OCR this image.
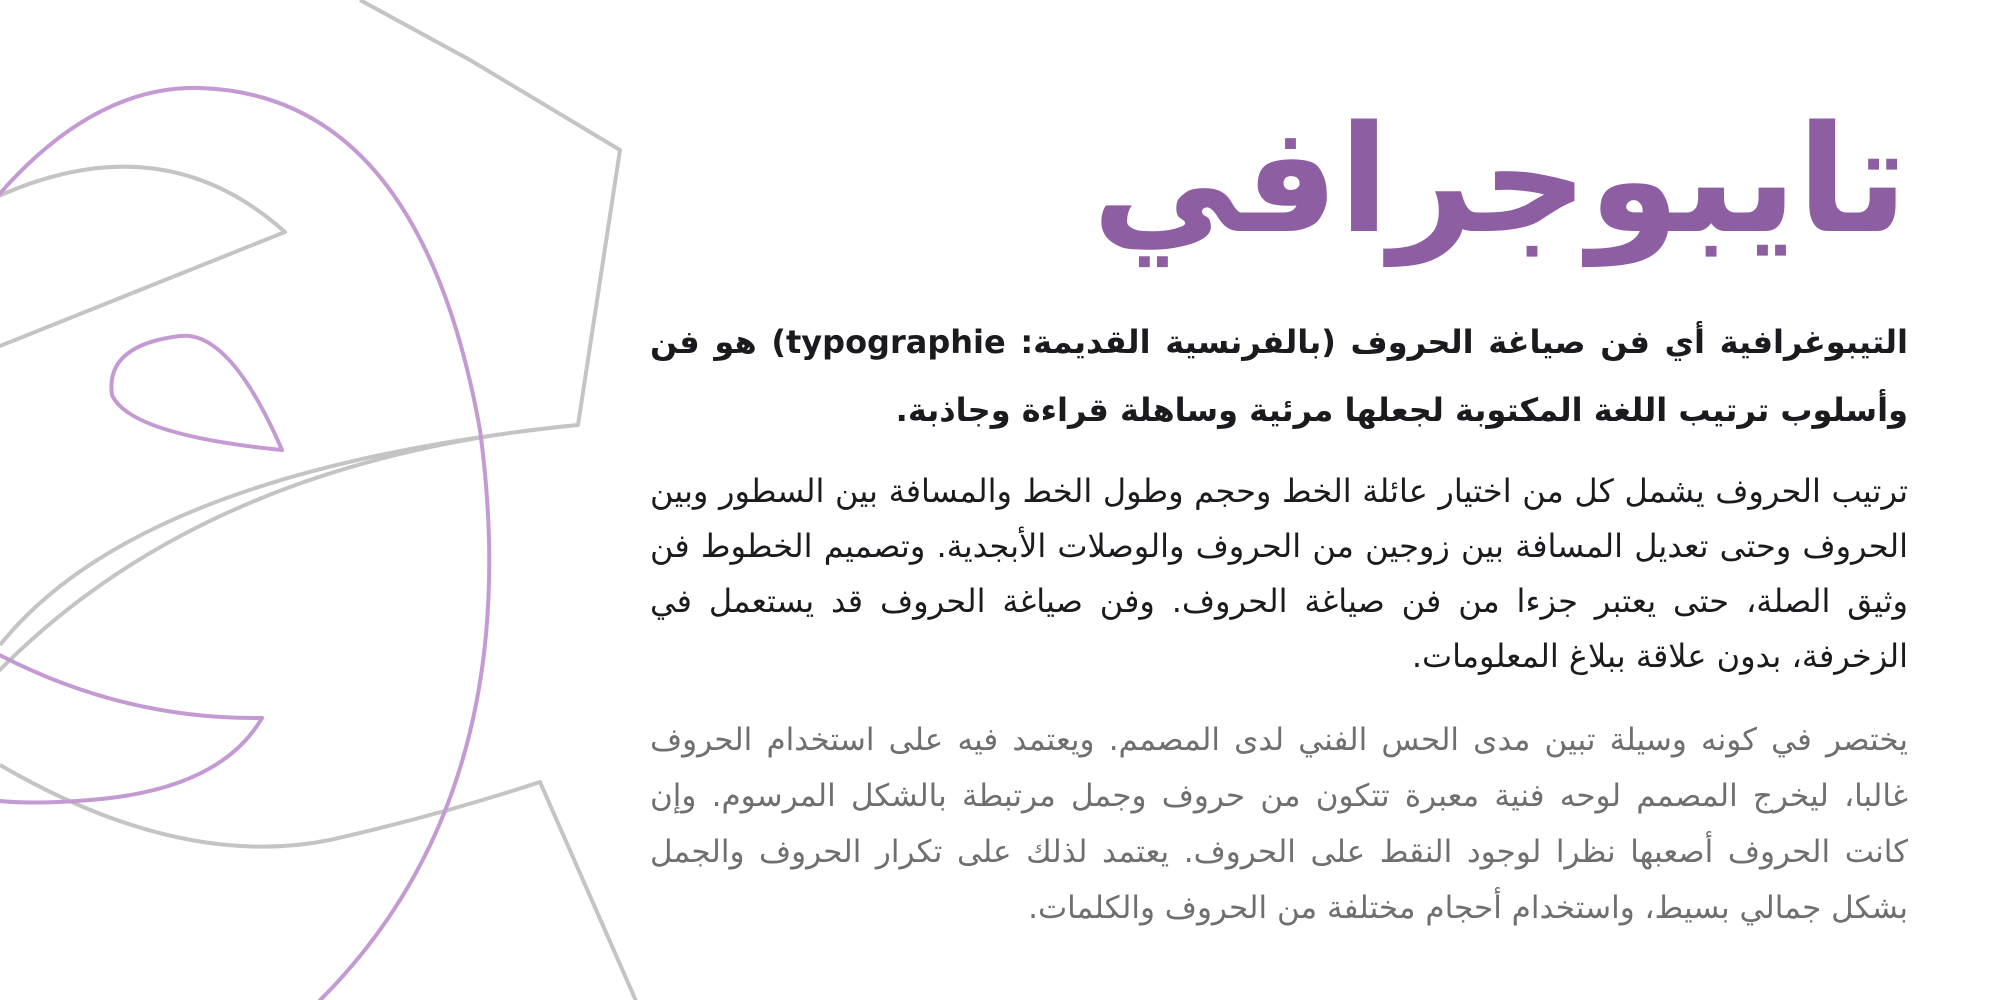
تايبوجرافي

التيبوغرافية أي فن صياغة الحروف (بالفرنسية القديمة: typographie) هو فن وأسلوب ترتيب اللغة المكتوبة لجعلها مرئية وساهلة قراءة وجاذبة.

ترتيب الحروف يشمل كل من اختيار عائلة الخط وحجم وطول الخط والمسافة بين السطور وبين الحروف وحتى تعديل المسافة بين زوجين من الحروف والوصلات الأبجدية. وتصميم الخطوط فن وثيق الصلة، حتى يعتبر جزءا من فن صياغة الحروف. وفن صياغة الحروف قد يستعمل في الزخرفة، بدون علاقة ببلاغ المعلومات.

يختصر في كونه وسيلة تبين مدى الحس الفني لدى المصمم. ويعتمد فيه على استخدام الحروف غالبا، ليخرج المصمم لوحه فنية معبرة تتكون من حروف وجمل مرتبطة بالشكل المرسوم. وإن كانت الحروف أصعبها نظرا لوجود النقط على الحروف. يعتمد لذلك على تكرار الحروف والجمل بشكل جمالي بسيط، واستخدام أحجام مختلفة من الحروف والكلمات.
